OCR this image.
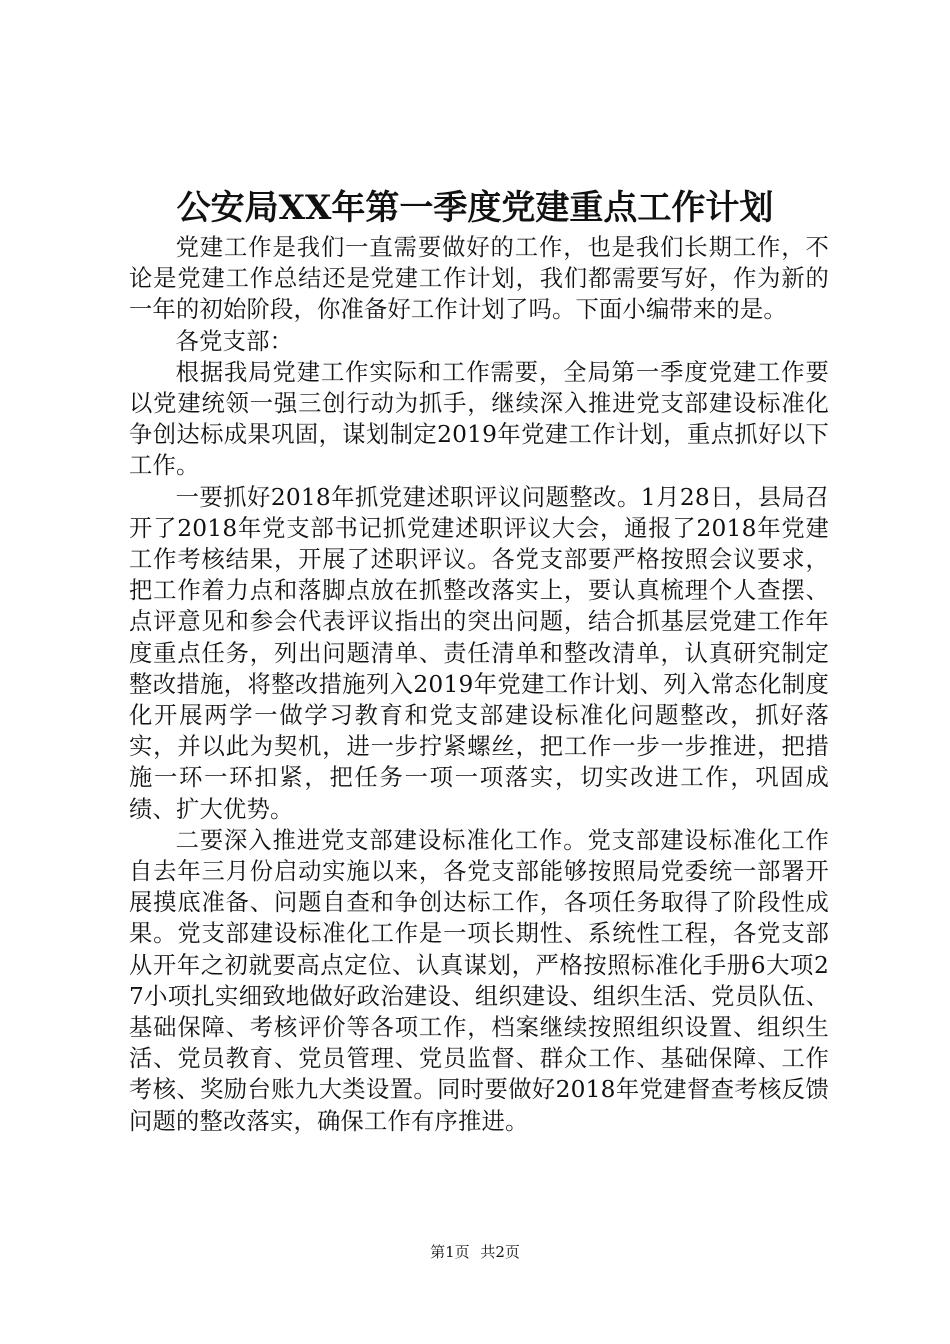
公安局XX年第一季度党建重点工作计划

党建工作是我们一直需要做好的工作，也是我们长期工作，不论是党建工作总结还是党建工作计划，我们都需要写好，作为新的一年的初始阶段，你准备好工作计划了吗。下面小编带来的是。

各党支部：

根据我局党建工作实际和工作需要，全局第一季度党建工作要以党建统领一强三创行动为抓手，继续深入推进党支部建设标准化争创达标成果巩固，谋划制定2019年党建工作计划，重点抓好以下工作。

一要抓好2018年抓党建述职评议问题整改。1月28日，县局召开了2018年党支部书记抓党建述职评议大会，通报了2018年党建工作考核结果，开展了述职评议。各党支部要严格按照会议要求，把工作着力点和落脚点放在抓整改落实上，要认真梳理个人查摆、点评意见和参会代表评议指出的突出问题，结合抓基层党建工作年度重点任务，列出问题清单、责任清单和整改清单，认真研究制定整改措施，将整改措施列入2019年党建工作计划、列入常态化制度化开展两学一做学习教育和党支部建设标准化问题整改，抓好落实，并以此为契机，进一步拧紧螺丝，把工作一步一步推进，把措施一环一环扣紧，把任务一项一项落实，切实改进工作，巩固成绩、扩大优势。

二要深入推进党支部建设标准化工作。党支部建设标准化工作自去年三月份启动实施以来，各党支部能够按照局党委统一部署开展摸底准备、问题自查和争创达标工作，各项任务取得了阶段性成果。党支部建设标准化工作是一项长期性、系统性工程，各党支部从开年之初就要高点定位、认真谋划，严格按照标准化手册6大项27小项扎实细致地做好政治建设、组织建设、组织生活、党员队伍、基础保障、考核评价等各项工作，档案继续按照组织设置、组织生活、党员教育、党员管理、党员监督、群众工作、基础保障、工作考核、奖励台账九大类设置。同时要做好2018年党建督查考核反馈问题的整改落实，确保工作有序推进。

第1页 共2页
